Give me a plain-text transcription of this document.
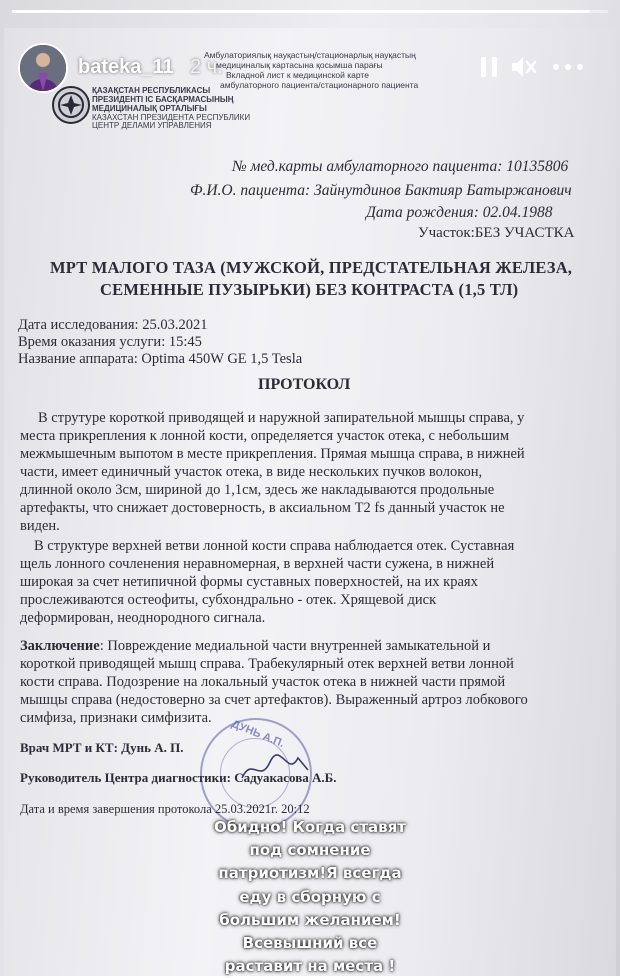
ҚАЗАҚСТАН РЕСПУБЛИКАСЫ
ПРЕЗИДЕНТІ ІС БАСҚАРМАСЫНЫҢ
МЕДИЦИНАЛЫҚ ОРТАЛЫҒЫ
КАЗАХСТАН ПРЕЗИДЕНТА РЕСПУБЛИКИ
ЦЕНТР ДЕЛАМИ УПРАВЛЕНИЯ
Амбулаториялық науқастың/стационарлық науқастың
медициналық картасына қосымша парағы
Вкладной лист к медицинской карте
амбулаторного пациента/стационарного пациента
№ мед.карты амбулаторного пациента: 10135806
Ф.И.О. пациента: Зайнутдинов Бактияр Батыржанович
Дата рождения: 02.04.1988
Участок:БЕЗ УЧАСТКА
МРТ МАЛОГО ТАЗА (МУЖСКОЙ, ПРЕДСТАТЕЛЬНАЯ ЖЕЛЕЗА,
СЕМЕННЫЕ ПУЗЫРЬКИ) БЕЗ КОНТРАСТА (1,5 ТЛ)
Дата исследования: 25.03.2021
Время оказания услуги: 15:45
Название аппарата: Optima 450W GE 1,5 Tesla
ПРОТОКОЛ
В струтуре короткой приводящей и наружной запирательной мышцы справа, у
места прикрепления к лонной кости, определяется участок отека, с небольшим
межмышечным выпотом в месте прикрепления. Прямая мышца справа, в нижней
части, имеет единичный участок отека, в виде нескольких пучков волокон,
длинной около 3см, шириной до 1,1см, здесь же накладываются продольные
артефакты, что снижает достоверность, в аксиальном T2 fs данный участок не
виден.
В структуре верхней ветви лонной кости справа наблюдается отек. Суставная
щель лонного сочленения неравномерная, в верхней части сужена, в нижней
широкая за счет нетипичной формы суставных поверхностей, на их краях
прослеживаются остеофиты, субхондрально - отек. Хрящевой диск
деформирован, неоднородного сигнала.
Заключение: Повреждение медиальной части внутренней замыкательной и
короткой приводящей мышц справа. Трабекулярный отек верхней ветви лонной
кости справа. Подозрение на локальный участок отека в нижней части прямой
мышцы справа (недостоверно за счет артефактов). Выраженный артроз лобкового
симфиза, признаки симфизита.
ДУНЬ А.П.
Врач МРТ и КТ: Дунь А. П.
Руководитель Центра диагностики: Садуакасова А.Б.
Дата и время завершения протокола 25.03.2021г. 20:12
bateka_11 2 ч.
Обидно! Когда ставят
под сомнение
патриотизм!Я всегда
еду в сборную с
большим желанием!
Всевышний все
раставит на места !
